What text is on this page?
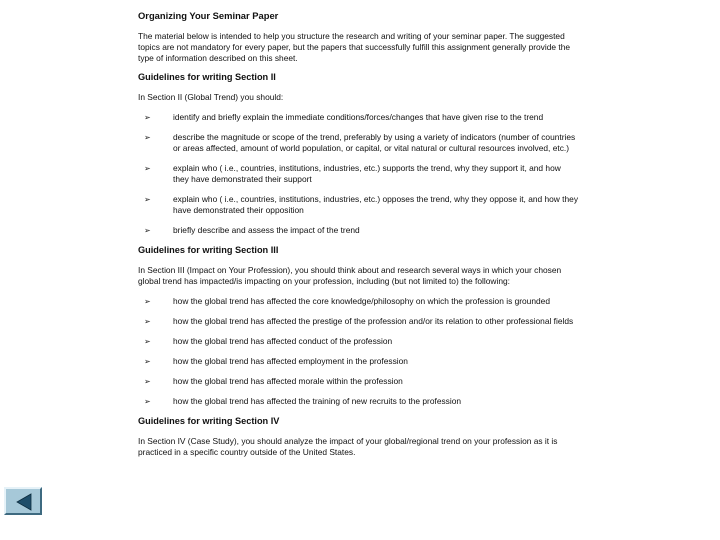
Organizing Your Seminar Paper
The material below is intended to help you structure the research and writing of your seminar paper. The suggested topics are not mandatory for every paper, but the papers that successfully fulfill this assignment generally provide the type of information described on this sheet.
Guidelines for writing Section II
In Section II (Global Trend) you should:
➢	identify and briefly explain the immediate conditions/forces/changes that have given rise to the trend
➢	describe the magnitude or scope of the trend, preferably by using a variety of indicators (number of countries or areas affected, amount of world population, or capital, or vital natural or cultural resources involved, etc.)
➢	explain who ( i.e., countries, institutions, industries, etc.) supports the trend, why they support it, and how they have demonstrated their support
➢	explain who ( i.e., countries, institutions, industries, etc.) opposes the trend, why they oppose it, and how they have demonstrated their opposition
➢	briefly describe and assess the impact of the trend
Guidelines for writing Section III
In Section III (Impact on Your Profession), you should think about and research several ways in which your chosen global trend has impacted/is impacting on your profession, including (but not limited to) the following:
➢	how the global trend has affected the core knowledge/philosophy on which the profession is grounded
➢	how the global trend has affected the prestige of the profession and/or its relation to other professional fields
➢	how the global trend has affected conduct of the profession
➢	how the global trend has affected employment in the profession
➢	how the global trend has affected morale within the profession
➢	how the global trend has affected the training of new recruits to the profession
Guidelines for writing Section IV
In Section IV (Case Study), you should analyze the impact of your global/regional trend on your profession as it is practiced in a specific country outside of the United States.
